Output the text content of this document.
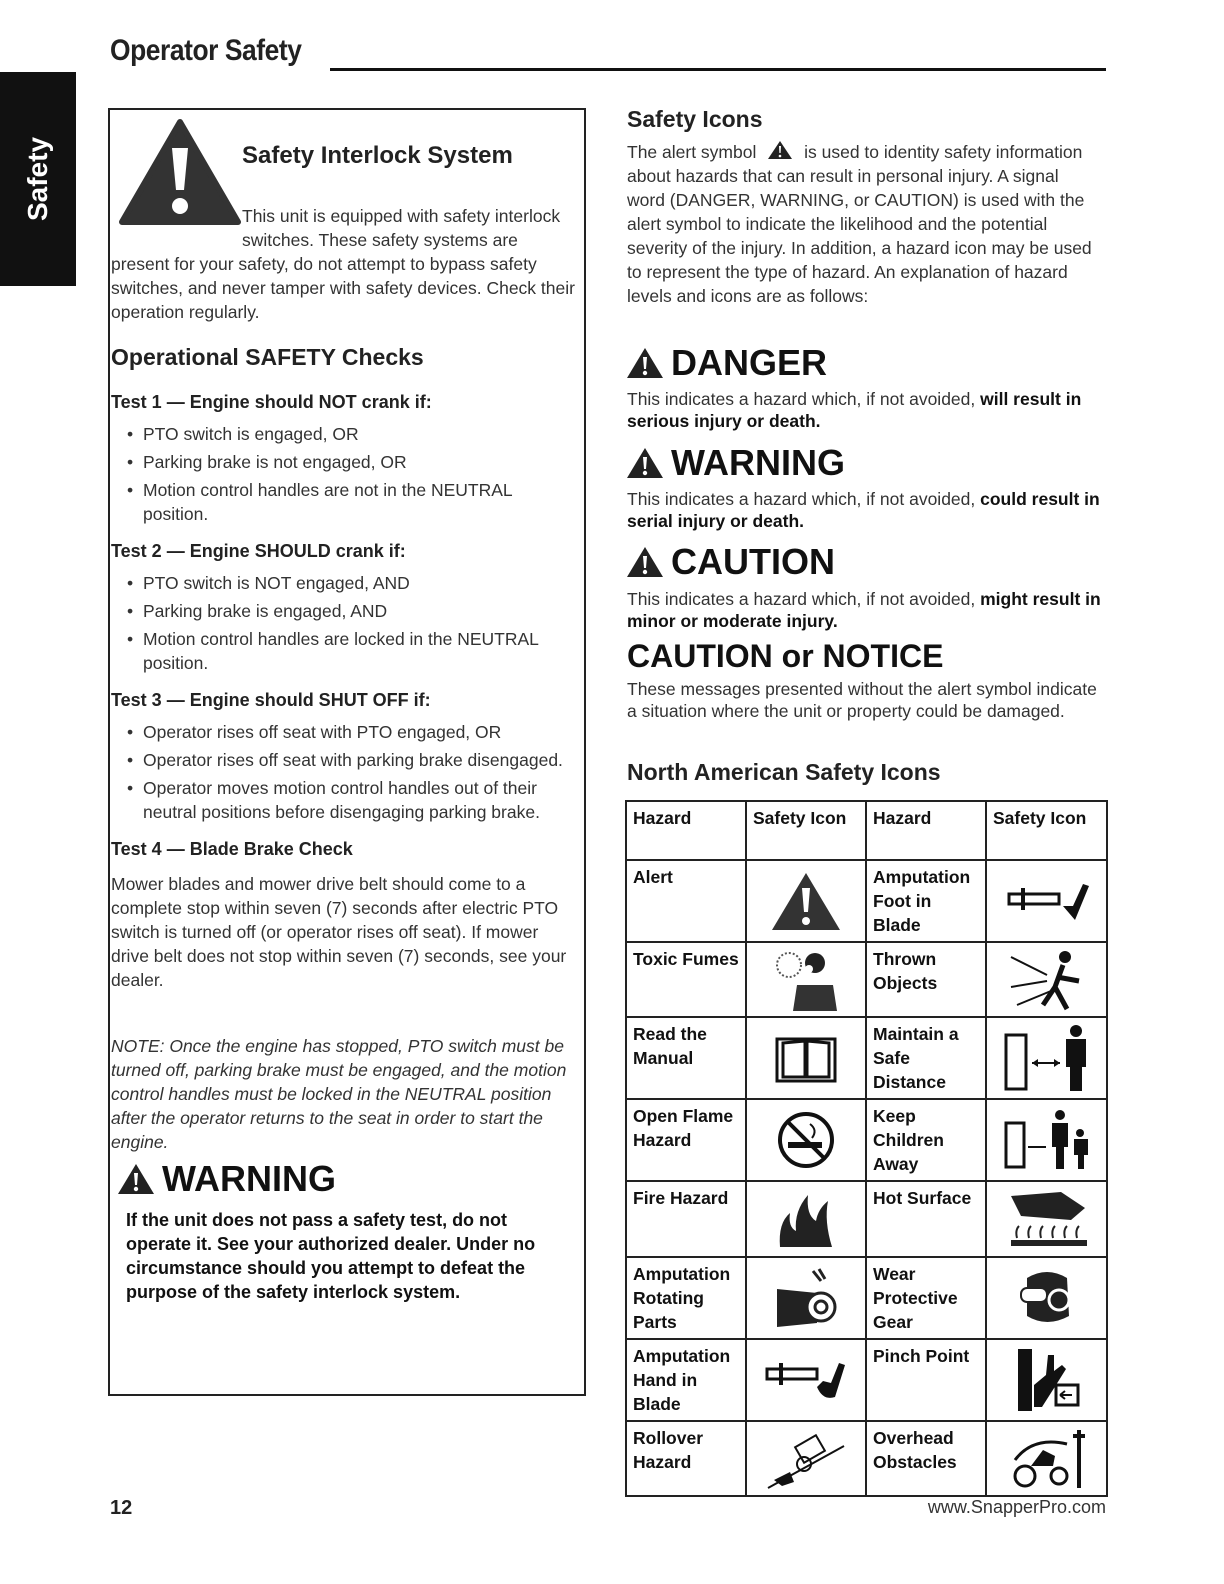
Operator Safety
Safety	Safety Interlock System
This unit is equipped with safety interlock
switches. These safety systems are
present for your safety, do not attempt to bypass safety switches, and never tamper with safety devices. Check their operation regularly.
Operational SAFETY Checks
Test 1 — Engine should NOT crank if:
• PTO switch is engaged, OR
• Parking brake is not engaged, OR
• Motion control handles are not in the NEUTRAL position.
Test 2 — Engine SHOULD crank if:
• PTO switch is NOT engaged, AND
• Parking brake is engaged, AND
• Motion control handles are locked in the NEUTRAL position.
Test 3 — Engine should SHUT OFF if:
• Operator rises off seat with PTO engaged, OR
• Operator rises off seat with parking brake disengaged.
• Operator moves motion control handles out of their neutral positions before disengaging parking brake.
Test 4 — Blade Brake Check
Mower blades and mower drive belt should come to a complete stop within seven (7) seconds after electric PTO switch is turned off (or operator rises off seat). If mower drive belt does not stop within seven (7) seconds, see your dealer.
NOTE: Once the engine has stopped, PTO switch must be turned off, parking brake must be engaged, and the motion control handles must be locked in the NEUTRAL position after the operator returns to the seat in order to start the engine.
WARNING
If the unit does not pass a safety test, do not operate it. See your authorized dealer. Under no circumstance should you attempt to defeat the purpose of the safety interlock system.
Safety Icons
The alert symbol	is used to identity safety information about hazards that can result in personal injury. A signal word (DANGER, WARNING, or CAUTION) is used with the alert symbol to indicate the likelihood and the potential severity of the injury. In addition, a hazard icon may be used to represent the type of hazard. An explanation of hazard levels and icons are as follows:
DANGER
This indicates a hazard which, if not avoided, will result in serious injury or death.
WARNING
This indicates a hazard which, if not avoided, could result in serial injury or death.
CAUTION
This indicates a hazard which, if not avoided, might result in minor or moderate injury.
CAUTION or NOTICE
These messages presented without the alert symbol indicate a situation where the unit or property could be damaged.
North American Safety Icons
Hazard	Safety Icon	Hazard	Safety Icon
Alert		Amputation Foot in Blade	

Toxic Fumes		Thrown Objects	

Read the Manual		Maintain a Safe Distance	

Open Flame Hazard		Keep Children Away	

Fire Hazard		Hot Surface	

Amputation Rotating Parts		Wear Protective Gear	

Amputation Hand in Blade		Pinch Point	

Rollover Hazard		Overhead Obstacles	
12	www.SnapperPro.com
